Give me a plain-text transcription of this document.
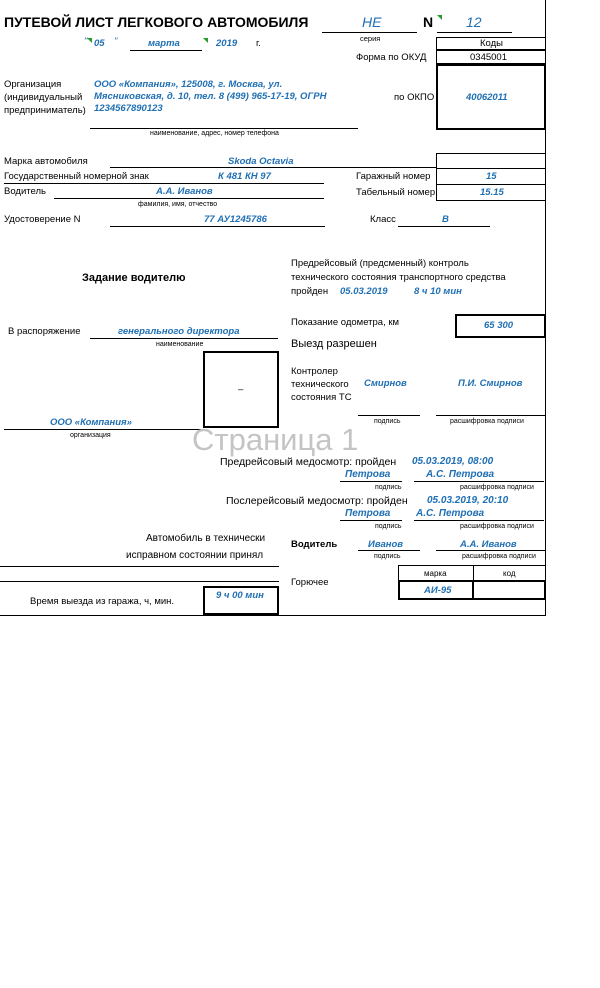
ПУТЕВОЙ ЛИСТ ЛЕГКОВОГО АВТОМОБИЛЯ	НЕ
серия
N 12
" 05 "	марта	2019 г.	Коды
Форма по ОКУД	0345001
по ОКПО	40062011
Организация
(индивидуальный
предприниматель)
ООО «Компания», 125008, г. Москва, ул.
Мясниковская, д. 10, тел. 8 (499) 965-17-19, ОГРН
1234567890123
наименование, адрес, номер телефона
Марка автомобиля	Skoda Octavia
Государственный номерной знак	К 481 КН 97	Гаражный номер	15
Водитель	А.А. Иванов
фамилия, имя, отчество
Табельный номер	15.15
Удостоверение N	77 АУ1245786	Класс	В
Задание водителю
Предрейсовый (предсменный) контроль
технического состояния транспортного средства
пройден 05.03.2019	8 ч 10 мин
Показание одометра, км	65 300
Выезд разрешен
В распоряжение	генерального директора
наименование
–
Контролер
технического
состояния ТС
Смирнов	П.И. Смирнов
подпись	расшифровка подписи
ООО «Компания»
организация	Страница 1
Предрейсовый медосмотр: пройден 05.03.2019, 08:00
Петрова	А.С. Петрова
подпись	расшифровка подписи
Послерейсовый медосмотр: пройден 05.03.2019, 20:10
Петрова	А.С. Петрова
подпись	расшифровка подписи
Автомобиль в технически
исправном состоянии принял
Водитель	Иванов	А.А. Иванов
подпись	расшифровка подписи
Горючее
марка	код
АИ-95
Время выезда из гаража, ч, мин.
9 ч 00 мин
